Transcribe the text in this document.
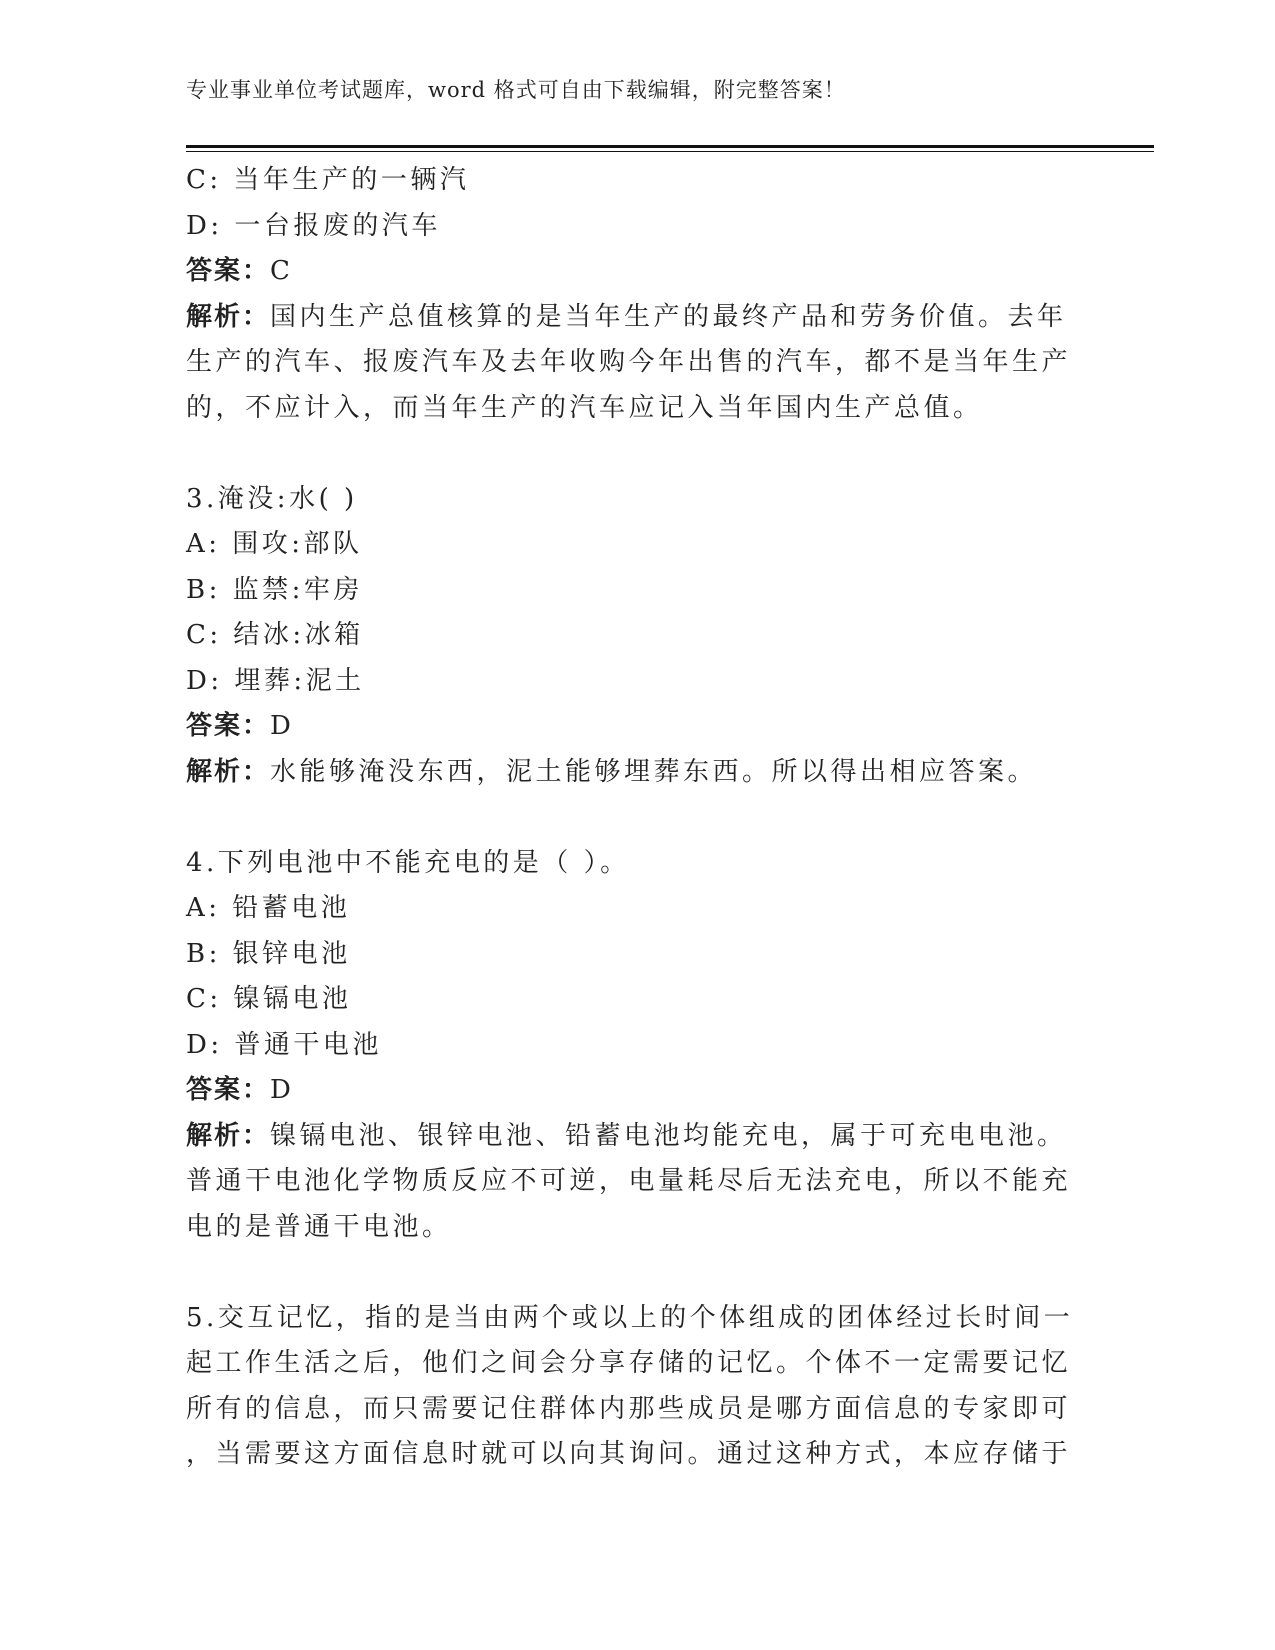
专业事业单位考试题库，word 格式可自由下载编辑，附完整答案！
C: 当年生产的一辆汽
D: 一台报废的汽车
答案：C
解析：国内生产总值核算的是当年生产的最终产品和劳务价值。去年
生产的汽车、报废汽车及去年收购今年出售的汽车，都不是当年生产
的，不应计入，而当年生产的汽车应记入当年国内生产总值。
3.淹没:水( )
A: 围攻:部队
B: 监禁:牢房
C: 结冰:冰箱
D: 埋葬:泥土
答案：D
解析：水能够淹没东西，泥土能够埋葬东西。所以得出相应答案。
4.下列电池中不能充电的是（ ）。
A: 铅蓄电池
B: 银锌电池
C: 镍镉电池
D: 普通干电池
答案：D
解析：镍镉电池、银锌电池、铅蓄电池均能充电，属于可充电电池。
普通干电池化学物质反应不可逆，电量耗尽后无法充电，所以不能充
电的是普通干电池。
5.交互记忆，指的是当由两个或以上的个体组成的团体经过长时间一
起工作生活之后，他们之间会分享存储的记忆。个体不一定需要记忆
所有的信息，而只需要记住群体内那些成员是哪方面信息的专家即可
，当需要这方面信息时就可以向其询问。通过这种方式，本应存储于
